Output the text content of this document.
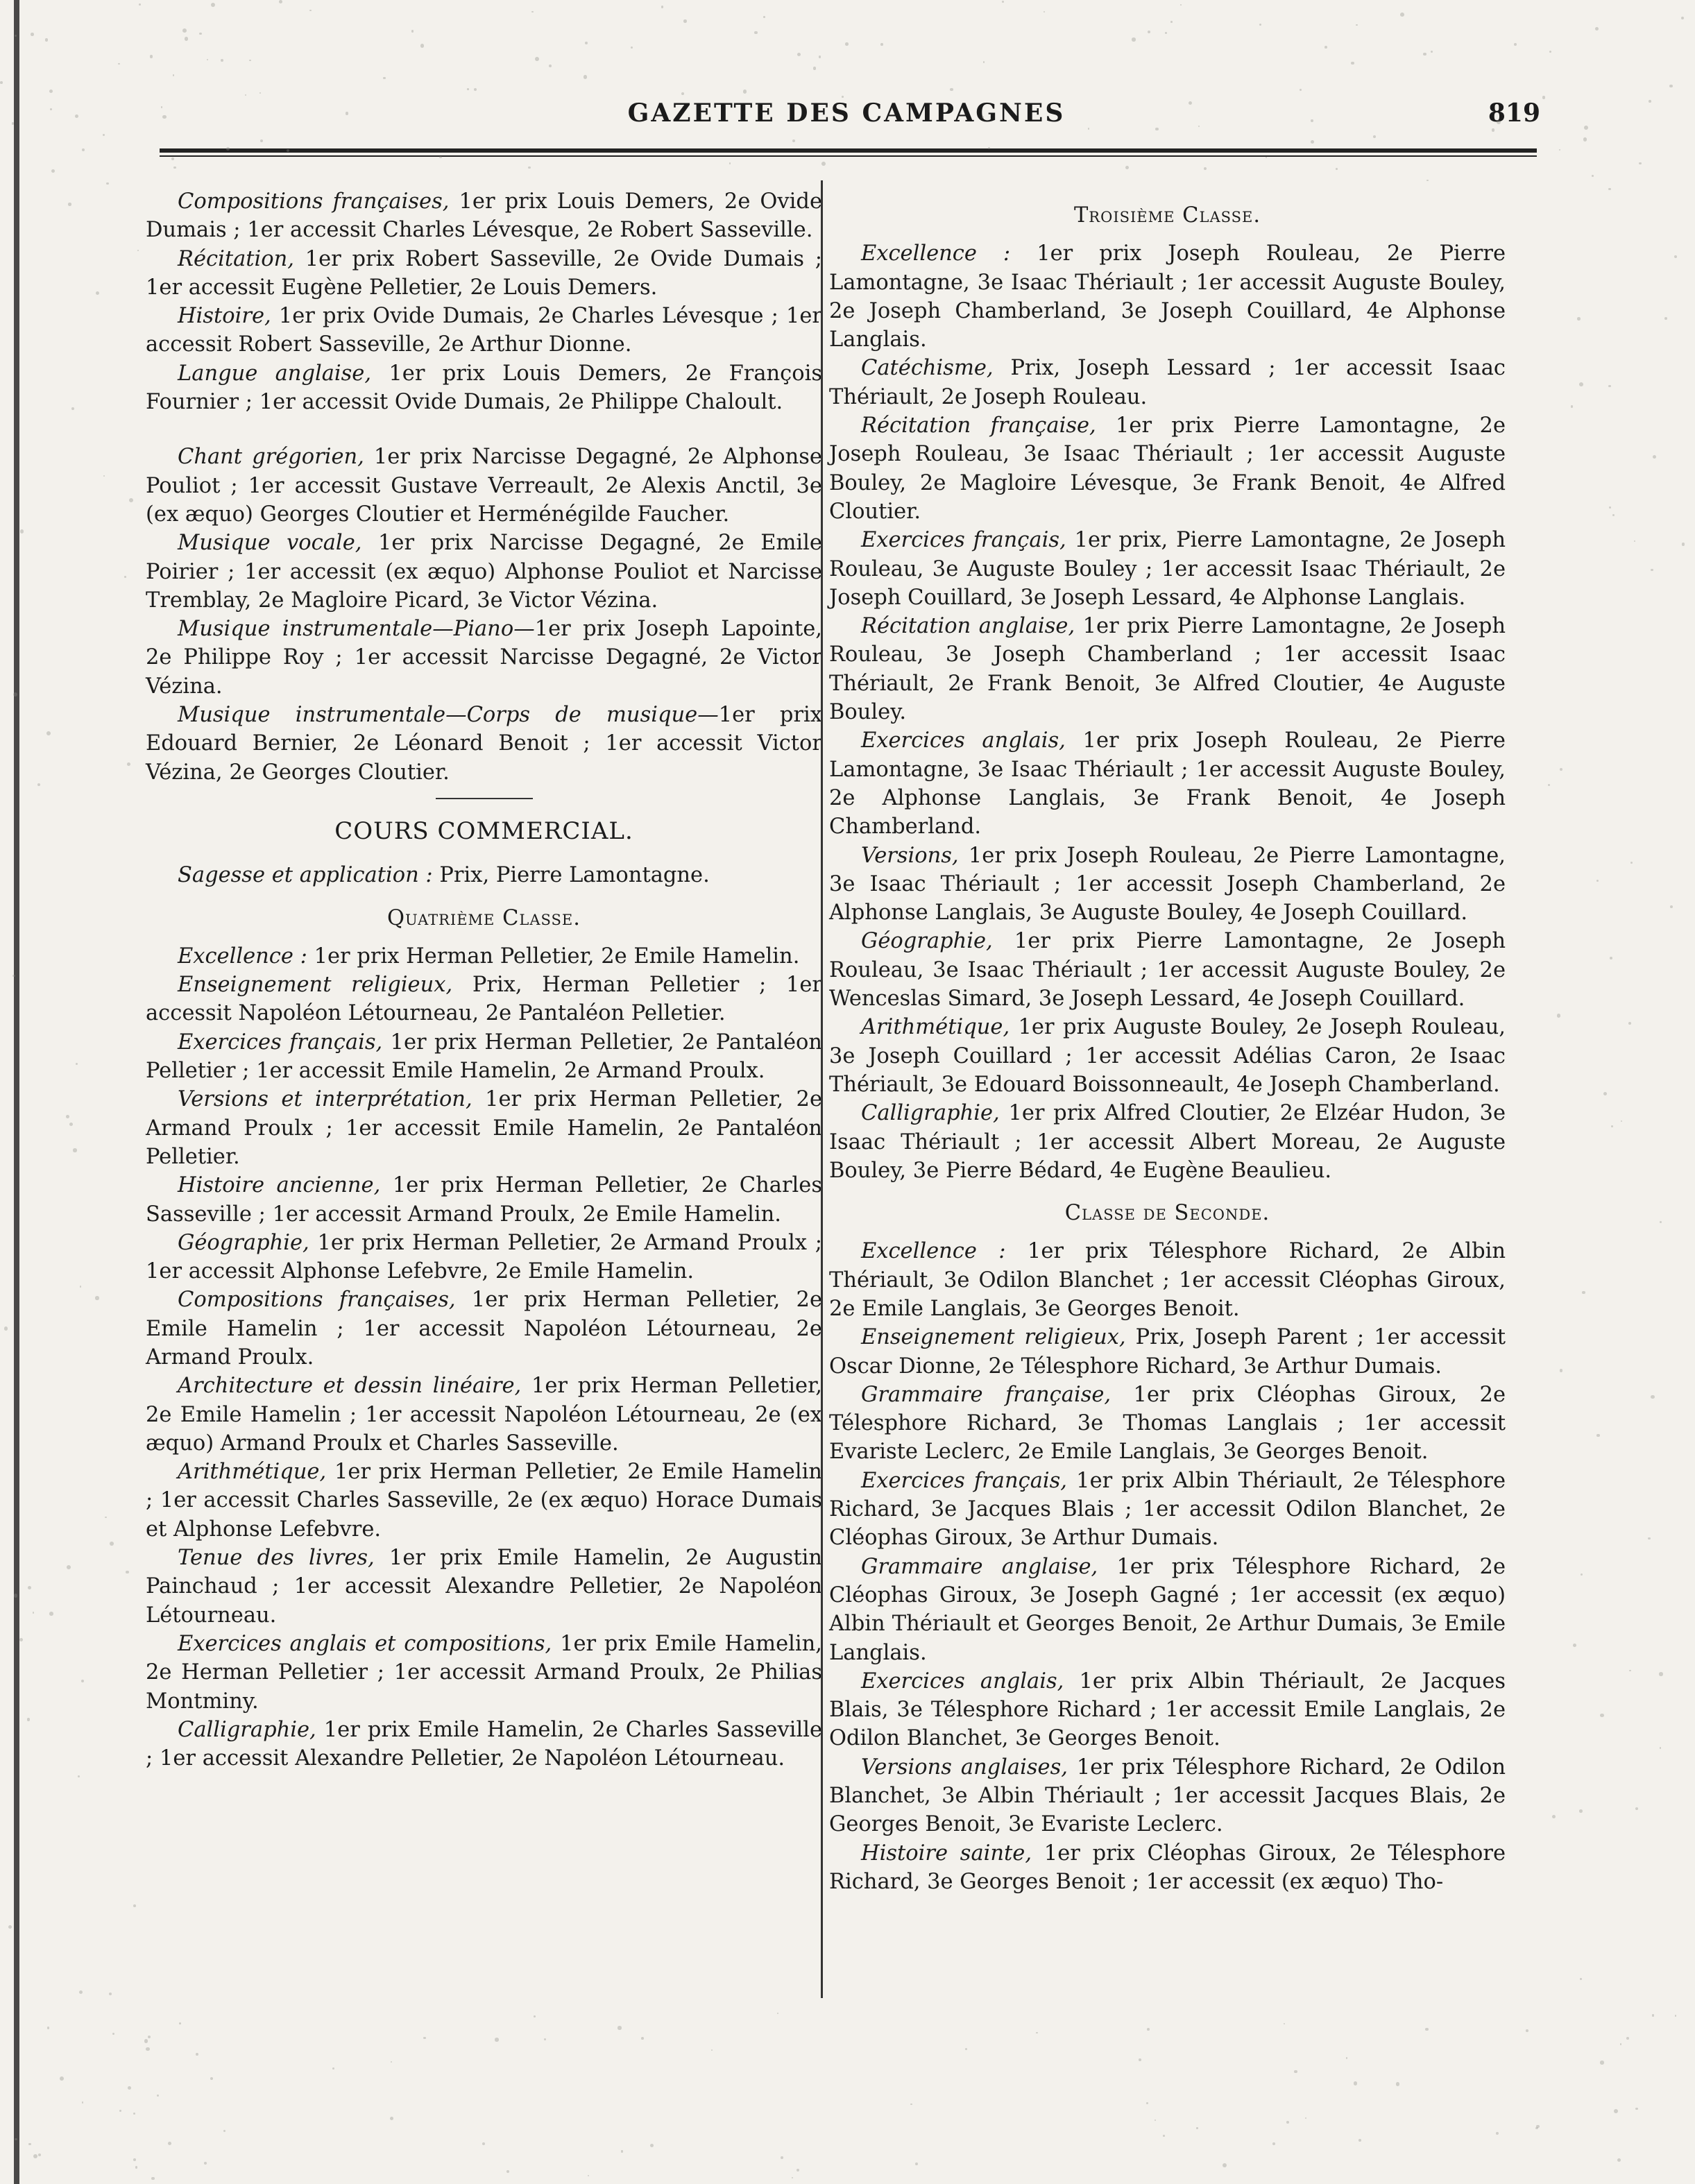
GAZETTE DES CAMPAGNES	819

Compositions françaises, 1er prix Louis Demers, 2e Ovide Dumais ; 1er accessit Charles Lévesque, 2e Robert Sasseville.

Récitation, 1er prix Robert Sasseville, 2e Ovide Dumais ; 1er accessit Eugène Pelletier, 2e Louis Demers.

Histoire, 1er prix Ovide Dumais, 2e Charles Lévesque ; 1er accessit Robert Sasseville, 2e Arthur Dionne.

Langue anglaise, 1er prix Louis Demers, 2e François Fournier ; 1er accessit Ovide Dumais, 2e Philippe Chaloult.

Chant grégorien, 1er prix Narcisse Degagné, 2e Alphonse Pouliot ; 1er accessit Gustave Verreault, 2e Alexis Anctil, 3e (ex æquo) Georges Cloutier et Herménégilde Faucher.

Musique vocale, 1er prix Narcisse Degagné, 2e Emile Poirier ; 1er accessit (ex æquo) Alphonse Pouliot et Narcisse Tremblay, 2e Magloire Picard, 3e Victor Vézina.

Musique instrumentale—Piano—1er prix Joseph Lapointe, 2e Philippe Roy ; 1er accessit Narcisse Degagné, 2e Victor Vézina.

Musique instrumentale—Corps de musique—1er prix Edouard Bernier, 2e Léonard Benoit ; 1er accessit Victor Vézina, 2e Georges Cloutier.

COURS COMMERCIAL.

Sagesse et application : Prix, Pierre Lamontagne.

Quatrième Classe.

Excellence : 1er prix Herman Pelletier, 2e Emile Hamelin.

Enseignement religieux, Prix, Herman Pelletier ; 1er accessit Napoléon Létourneau, 2e Pantaléon Pelletier.

Exercices français, 1er prix Herman Pelletier, 2e Pantaléon Pelletier ; 1er accessit Emile Hamelin, 2e Armand Proulx.

Versions et interprétation, 1er prix Herman Pelletier, 2e Armand Proulx ; 1er accessit Emile Hamelin, 2e Pantaléon Pelletier.

Histoire ancienne, 1er prix Herman Pelletier, 2e Charles Sasseville ; 1er accessit Armand Proulx, 2e Emile Hamelin.

Géographie, 1er prix Herman Pelletier, 2e Armand Proulx ; 1er accessit Alphonse Lefebvre, 2e Emile Hamelin.

Compositions françaises, 1er prix Herman Pelletier, 2e Emile Hamelin ; 1er accessit Napoléon Létourneau, 2e Armand Proulx.

Architecture et dessin linéaire, 1er prix Herman Pelletier, 2e Emile Hamelin ; 1er accessit Napoléon Létourneau, 2e (ex æquo) Armand Proulx et Charles Sasseville.

Arithmétique, 1er prix Herman Pelletier, 2e Emile Hamelin ; 1er accessit Charles Sasseville, 2e (ex æquo) Horace Dumais et Alphonse Lefebvre.

Tenue des livres, 1er prix Emile Hamelin, 2e Augustin Painchaud ; 1er accessit Alexandre Pelletier, 2e Napoléon Létourneau.

Exercices anglais et compositions, 1er prix Emile Hamelin, 2e Herman Pelletier ; 1er accessit Armand Proulx, 2e Philias Montminy.

Calligraphie, 1er prix Emile Hamelin, 2e Charles Sasseville ; 1er accessit Alexandre Pelletier, 2e Napoléon Létourneau.

Troisième Classe.

Excellence : 1er prix Joseph Rouleau, 2e Pierre Lamontagne, 3e Isaac Thériault ; 1er accessit Auguste Bouley, 2e Joseph Chamberland, 3e Joseph Couillard, 4e Alphonse Langlais.

Catéchisme, Prix, Joseph Lessard ; 1er accessit Isaac Thériault, 2e Joseph Rouleau.

Récitation française, 1er prix Pierre Lamontagne, 2e Joseph Rouleau, 3e Isaac Thériault ; 1er accessit Auguste Bouley, 2e Magloire Lévesque, 3e Frank Benoit, 4e Alfred Cloutier.

Exercices français, 1er prix, Pierre Lamontagne, 2e Joseph Rouleau, 3e Auguste Bouley ; 1er accessit Isaac Thériault, 2e Joseph Couillard, 3e Joseph Lessard, 4e Alphonse Langlais.

Récitation anglaise, 1er prix Pierre Lamontagne, 2e Joseph Rouleau, 3e Joseph Chamberland ; 1er accessit Isaac Thériault, 2e Frank Benoit, 3e Alfred Cloutier, 4e Auguste Bouley.

Exercices anglais, 1er prix Joseph Rouleau, 2e Pierre Lamontagne, 3e Isaac Thériault ; 1er accessit Auguste Bouley, 2e Alphonse Langlais, 3e Frank Benoit, 4e Joseph Chamberland.

Versions, 1er prix Joseph Rouleau, 2e Pierre Lamontagne, 3e Isaac Thériault ; 1er accessit Joseph Chamberland, 2e Alphonse Langlais, 3e Auguste Bouley, 4e Joseph Couillard.

Géographie, 1er prix Pierre Lamontagne, 2e Joseph Rouleau, 3e Isaac Thériault ; 1er accessit Auguste Bouley, 2e Wenceslas Simard, 3e Joseph Lessard, 4e Joseph Couillard.

Arithmétique, 1er prix Auguste Bouley, 2e Joseph Rouleau, 3e Joseph Couillard ; 1er accessit Adélias Caron, 2e Isaac Thériault, 3e Edouard Boissonneault, 4e Joseph Chamberland.

Calligraphie, 1er prix Alfred Cloutier, 2e Elzéar Hudon, 3e Isaac Thériault ; 1er accessit Albert Moreau, 2e Auguste Bouley, 3e Pierre Bédard, 4e Eugène Beaulieu.

Classe de Seconde.

Excellence : 1er prix Télesphore Richard, 2e Albin Thériault, 3e Odilon Blanchet ; 1er accessit Cléophas Giroux, 2e Emile Langlais, 3e Georges Benoit.

Enseignement religieux, Prix, Joseph Parent ; 1er accessit Oscar Dionne, 2e Télesphore Richard, 3e Arthur Dumais.

Grammaire française, 1er prix Cléophas Giroux, 2e Télesphore Richard, 3e Thomas Langlais ; 1er accessit Evariste Leclerc, 2e Emile Langlais, 3e Georges Benoit.

Exercices français, 1er prix Albin Thériault, 2e Télesphore Richard, 3e Jacques Blais ; 1er accessit Odilon Blanchet, 2e Cléophas Giroux, 3e Arthur Dumais.

Grammaire anglaise, 1er prix Télesphore Richard, 2e Cléophas Giroux, 3e Joseph Gagné ; 1er accessit (ex æquo) Albin Thériault et Georges Benoit, 2e Arthur Dumais, 3e Emile Langlais.

Exercices anglais, 1er prix Albin Thériault, 2e Jacques Blais, 3e Télesphore Richard ; 1er accessit Emile Langlais, 2e Odilon Blanchet, 3e Georges Benoit.

Versions anglaises, 1er prix Télesphore Richard, 2e Odilon Blanchet, 3e Albin Thériault ; 1er accessit Jacques Blais, 2e Georges Benoit, 3e Evariste Leclerc.

Histoire sainte, 1er prix Cléophas Giroux, 2e Télesphore Richard, 3e Georges Benoit ; 1er accessit (ex æquo) Tho-
